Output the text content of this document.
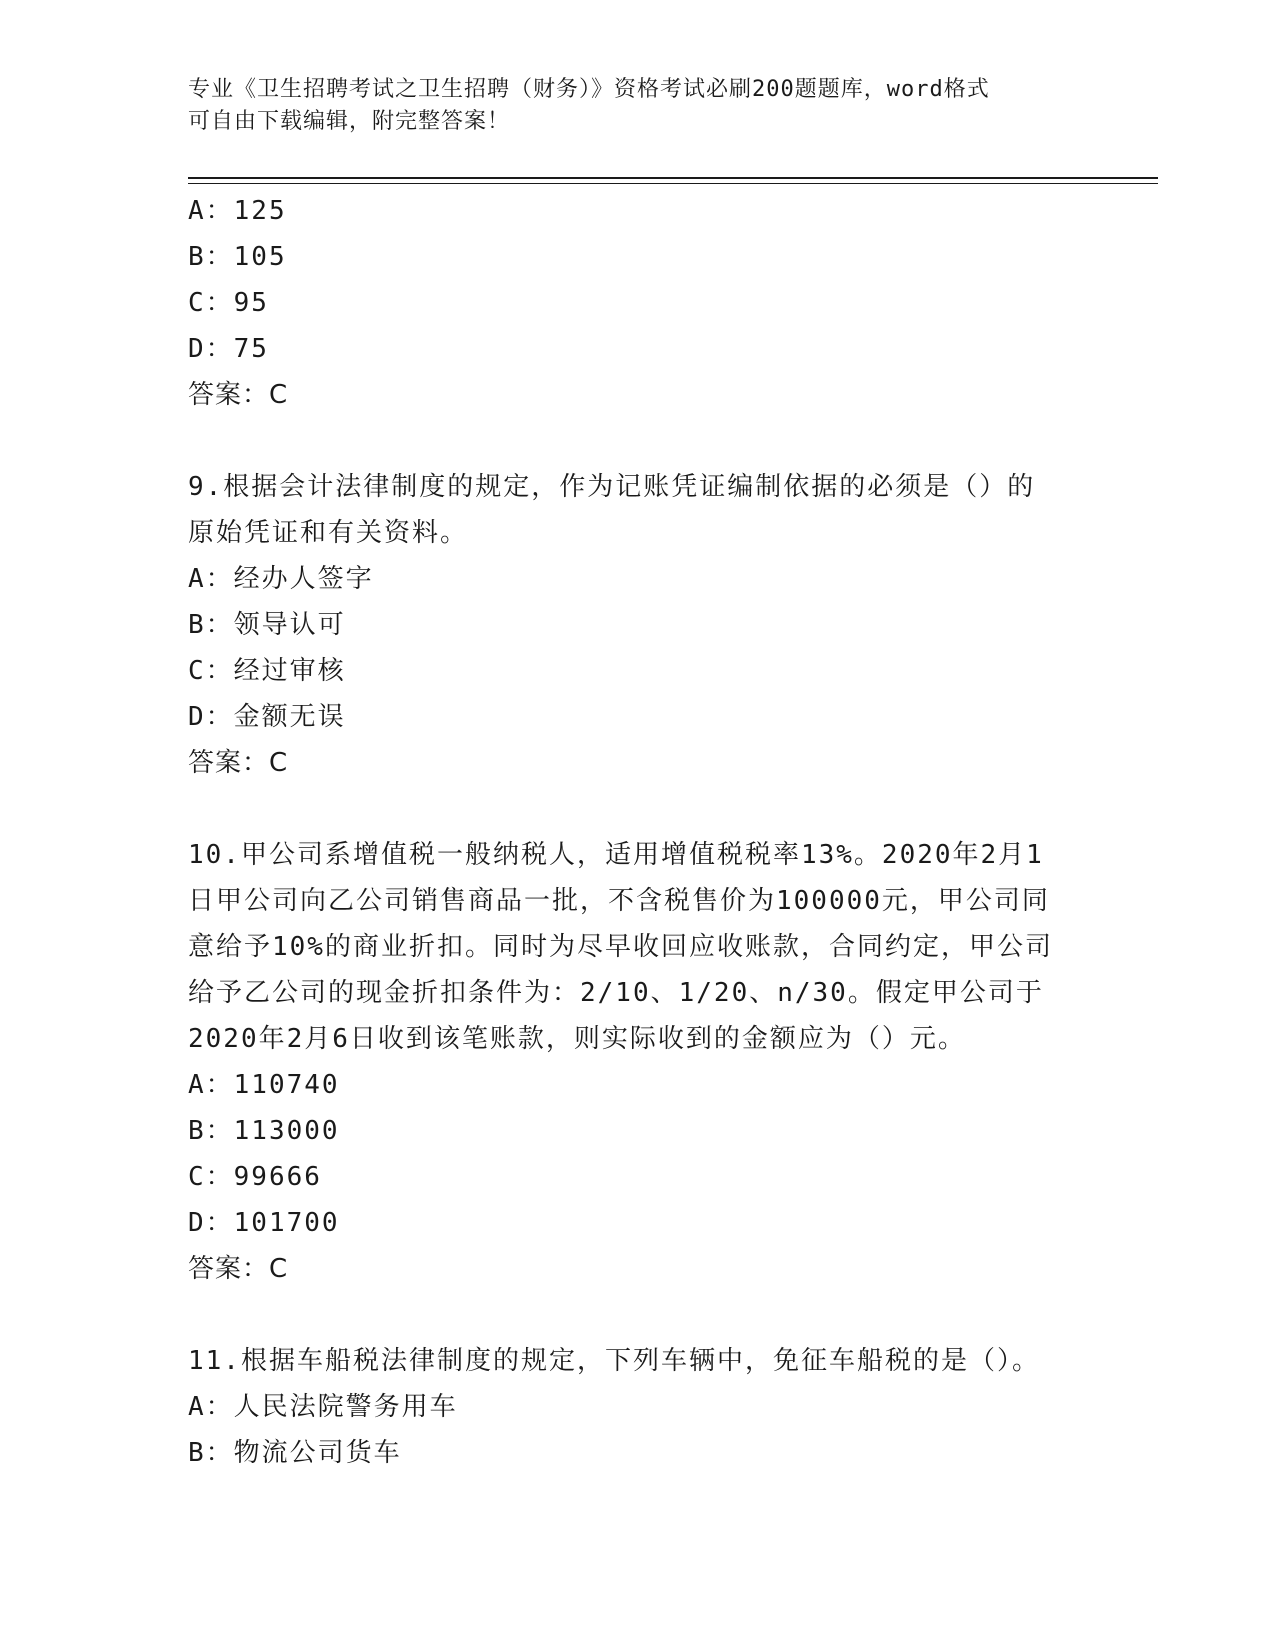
专业《卫生招聘考试之卫生招聘（财务）》资格考试必刷200题题库，word格式
可自由下载编辑，附完整答案！
A：125
B：105
C：95
D：75
答案：C
9.根据会计法律制度的规定，作为记账凭证编制依据的必须是（）的
原始凭证和有关资料。
A：经办人签字
B：领导认可
C：经过审核
D：金额无误
答案：C
10.甲公司系增值税一般纳税人，适用增值税税率13%。2020年2月1
日甲公司向乙公司销售商品一批，不含税售价为100000元，甲公司同
意给予10%的商业折扣。同时为尽早收回应收账款，合同约定，甲公司
给予乙公司的现金折扣条件为：2/10、1/20、n/30。假定甲公司于
2020年2月6日收到该笔账款，则实际收到的金额应为（）元。
A：110740
B：113000
C：99666
D：101700
答案：C
11.根据车船税法律制度的规定，下列车辆中，免征车船税的是（）。
A：人民法院警务用车
B：物流公司货车
